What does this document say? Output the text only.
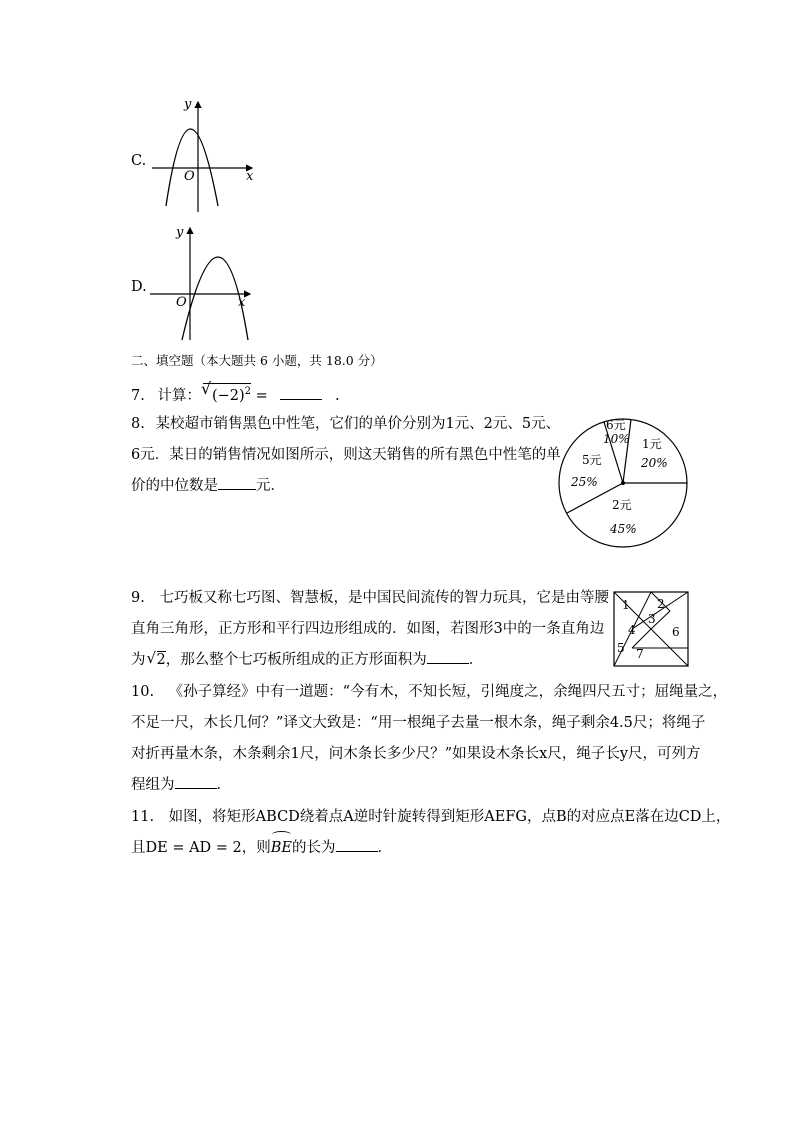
C.
y
x
O
D.
y
x
O
二、填空题（本大题共 6 小题，共 18.0 分）
7. 计算： √ $(-2)^2$ =	.
8. 某校超市销售黑色中性笔，它们的单价分别为1元、2元、5元、
6元．某日的销售情况如图所示，则这天销售的所有黑色中性笔的单
价的中位数是	元．
6元
10% 1元
20%
5元
25%
2元
45%
9. 七巧板又称七巧图、智慧板，是中国民间流传的智力玩具，它是由等腰
直角三角形，正方形和平行四边形组成的．如图，若图形3中的一条直角边
为 √ 2，那么整个七巧板所组成的正方形面积为	．
1 2
3
4
5
6
7
10. 《孙子算经》中有一道题：“今有木，不知长短，引绳度之，余绳四尺五寸；屈绳量之，
不足一尺，木长几何？”译文大致是：“用一根绳子去量一根木条，绳子剩余4.5尺；将绳子
对折再量木条，木条剩余1尺，问木条长多少尺？”如果设木条长x尺，绳子长y尺，可列方
程组为	．
11. 如图，将矩形ABCD绕着点A逆时针旋转得到矩形AEFG，点B的对应点E落在边CD上，
且DE = AD = 2，则
BE的长为	．
